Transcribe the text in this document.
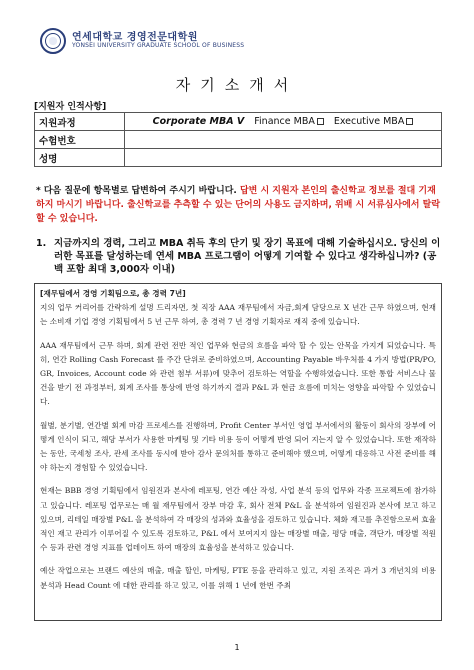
연세대학교 경영전문대학원
YONSEI UNIVERSITY GRADUATE SCHOOL OF BUSINESS
자기소개서
[지원자 인적사항]
지원과정	Corporate MBA V Finance MBA Executive MBA

수험번호	
성명	
* 다음 질문에 항목별로 답변하여 주시기 바랍니다. 답변 시 지원자 본인의 출신학교 정보를 절대 기재하지 마시기 바랍니다. 출신학교를 추측할 수 있는 단어의 사용도 금지하며, 위배 시 서류심사에서 탈락할 수 있습니다.
1. 지금까지의 경력, 그리고 MBA 취득 후의 단기 및 장기 목표에 대해 기술하십시오. 당신의 이러한 목표를 달성하는데 연세 MBA 프로그램이 어떻게 기여할 수 있다고 생각하십니까? (공백 포함 최대 3,000자 이내)
[재무팀에서 경영 기획팀으로, 총 경력 7년]

지의 업무 커리어를 간략하게 설명 드리자면, 첫 직장 AAA 재무팀에서 자금,회계 담당으로 X 년간 근무 하였으며, 현재는 소비재 기업 경영 기획팀에서 5 년 근무 하여, 총 경력 7 년 경영 기획자로 재직 중에 있습니다.

AAA 재무팀에서 근무 하며, 회계 관련 전반 적인 업무와 현금의 흐름을 파악 할 수 있는 안목을 가지게 되었습니다. 특히, 연간 Rolling Cash Forecast 를 주간 단위로 준비하였으며, Accounting Payable 바우처를 4 가지 방법(PR/PO, GR, Invoices, Account code 와 관련 첨부 서류)에 맞추어 검토하는 역할을 수행하였습니다. 또한 통합 서비스나 물건을 받기 전 과정부터, 회계 조사를 통상에 반영 하기까지 결과 P&L 과 현금 흐름에 미치는 영향을 파악할 수 있었습니다.

월별, 분기별, 연간별 회계 마감 프로세스를 진행하며, Profit Center 부서인 영업 부서에서의 활동이 회사의 장부에 어떻게 인식이 되고, 해당 부서가 사용한 마케팅 및 기타 비용 등이 어떻게 반영 되어 지는지 알 수 있었습니다. 또한 재작하는 동안, 국세청 조사, 관세 조사를 동시에 받아 감사 문의처를 통하고 준비해야 했으며, 어떻게 대응하고 사전 준비를 해야 하는지 경험할 수 있었습니다.

현재는 BBB 경영 기획팀에서 임원진과 본사에 레포팅, 연간 예산 작성, 사업 분석 등의 업무와 각종 프로젝트에 참가하고 있습니다. 레포팅 업무로는 매 월 재무팀에서 장부 마감 후, 회사 전체 P&L 을 분석하여 임원진과 본사에 보고 하고 있으며, 리테일 매장별 P&L 을 분석하여 각 매장의 성과와 효율성을 검토하고 있습니다. 체화 재고를 추진함으로써 효율적인 재고 관리가 이루어질 수 있도록 검토하고, P&L 에서 보여지지 않는 매장별 매출, 평당 매출, 객단가, 매장별 적원 수 등과 관련 경영 지표를 업데이트 하여 매장의 효율성을 분석하고 있습니다.

예산 작업으로는 브랜드 예산의 매출, 매출 할인, 마케팅, FTE 등을 관리하고 있고, 지원 조직은 과거 3 개년치의 비용 분석과 Head Count 에 대한 관리를 하고 있고, 이를 위해 1 년에 한번 주최

1
